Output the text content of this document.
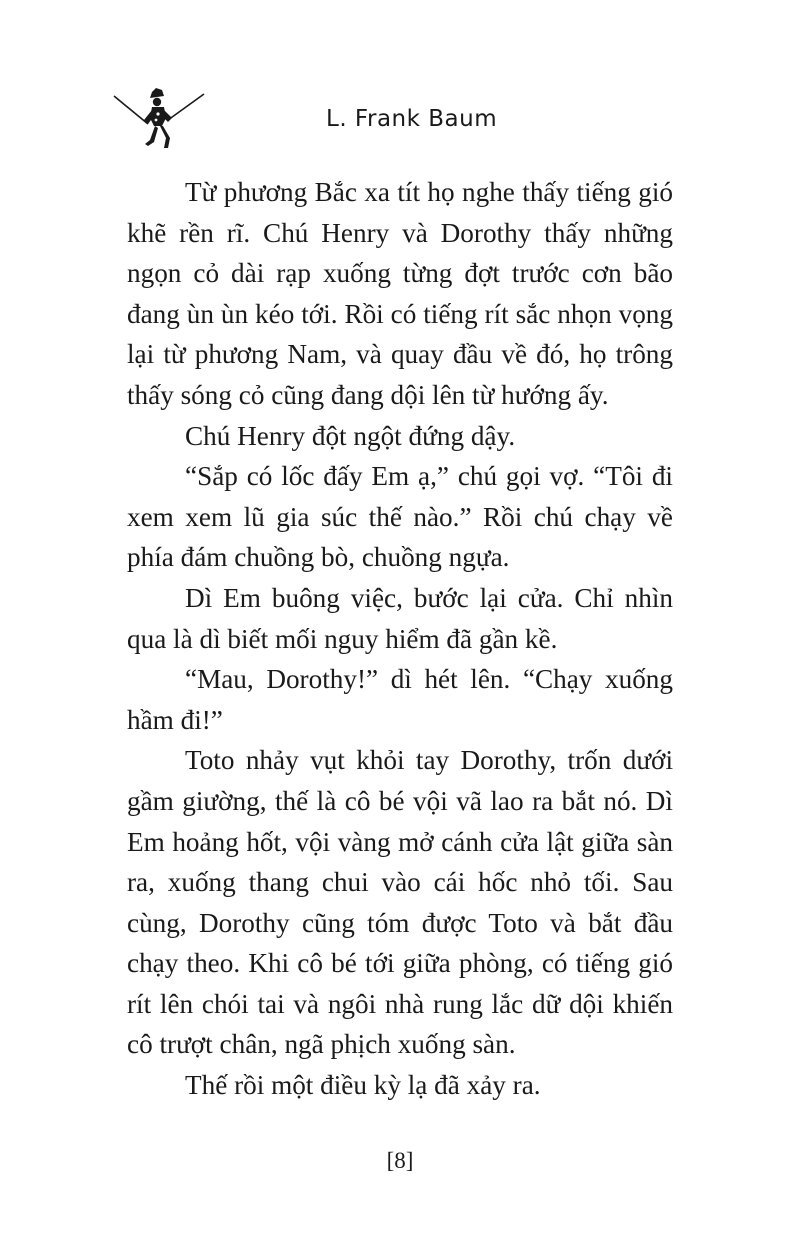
L. Frank Baum

Từ phương Bắc xa tít họ nghe thấy tiếng gió khẽ rền rĩ. Chú Henry và Dorothy thấy những ngọn cỏ dài rạp xuống từng đợt trước cơn bão đang ùn ùn kéo tới. Rồi có tiếng rít sắc nhọn vọng lại từ phương Nam, và quay đầu về đó, họ trông thấy sóng cỏ cũng đang dội lên từ hướng ấy.

Chú Henry đột ngột đứng dậy.

“Sắp có lốc đấy Em ạ,” chú gọi vợ. “Tôi đi xem xem lũ gia súc thế nào.” Rồi chú chạy về phía đám chuồng bò, chuồng ngựa.

Dì Em buông việc, bước lại cửa. Chỉ nhìn qua là dì biết mối nguy hiểm đã gần kề.

“Mau, Dorothy!” dì hét lên. “Chạy xuống hầm đi!”

Toto nhảy vụt khỏi tay Dorothy, trốn dưới gầm giường, thế là cô bé vội vã lao ra bắt nó. Dì Em hoảng hốt, vội vàng mở cánh cửa lật giữa sàn ra, xuống thang chui vào cái hốc nhỏ tối. Sau cùng, Dorothy cũng tóm được Toto và bắt đầu chạy theo. Khi cô bé tới giữa phòng, có tiếng gió rít lên chói tai và ngôi nhà rung lắc dữ dội khiến cô trượt chân, ngã phịch xuống sàn.

Thế rồi một điều kỳ lạ đã xảy ra.

[8]
